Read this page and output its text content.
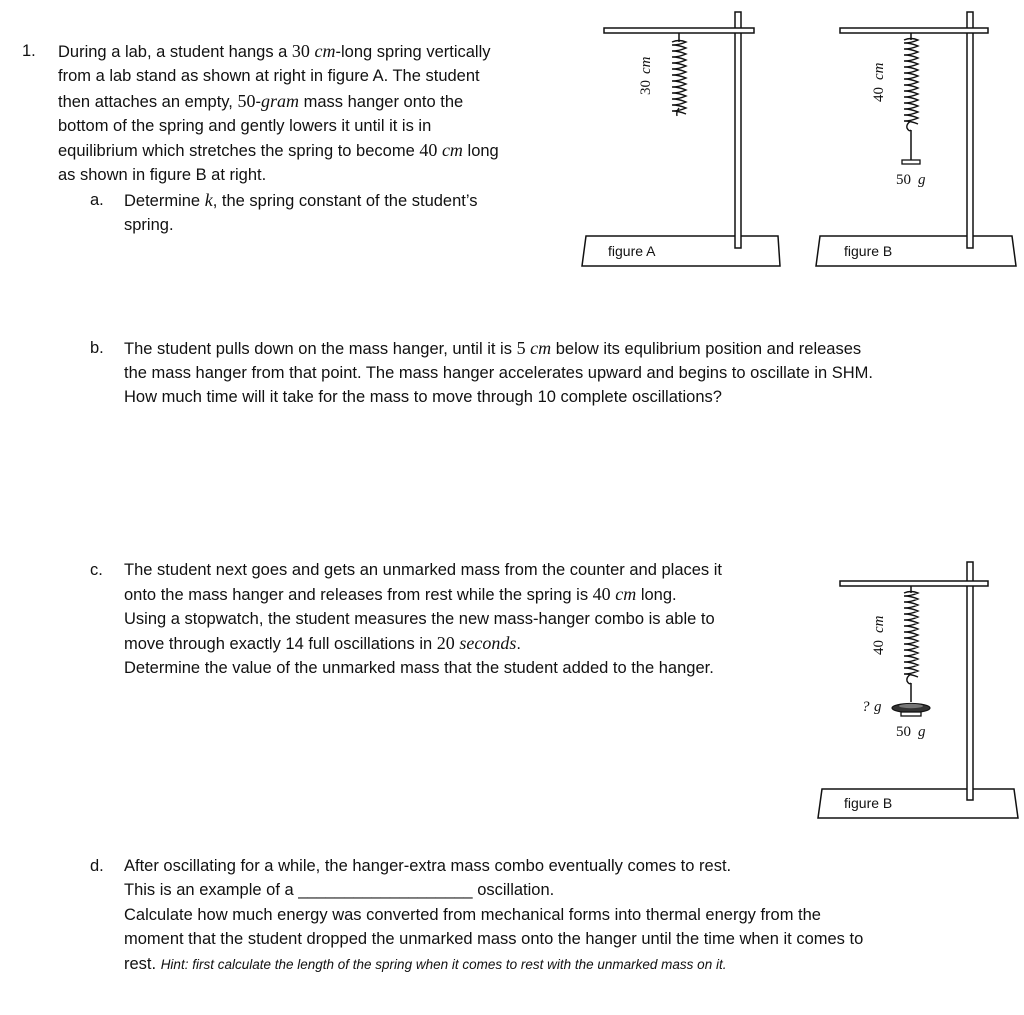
1. During a lab, a student hangs a 30 cm-long spring vertically
from a lab stand as shown at right in figure A. The student
then attaches an empty, 50-gram mass hanger onto the
bottom of the spring and gently lowers it until it is in
equilibrium which stretches the spring to become 40 cm long
as shown in figure B at right.
a. Determine k, the spring constant of the student’s
spring.
b. The student pulls down on the mass hanger, until it is 5 cm below its equlibrium position and releases
the mass hanger from that point. The mass hanger accelerates upward and begins to oscillate in SHM.
How much time will it take for the mass to move through 10 complete oscillations?
c. The student next goes and gets an unmarked mass from the counter and places it
onto the mass hanger and releases from rest while the spring is 40 cm long.
Using a stopwatch, the student measures the new mass-hanger combo is able to
move through exactly 14 full oscillations in 20 seconds.
Determine the value of the unmarked mass that the student added to the hanger.
d. After oscillating for a while, the hanger-extra mass combo eventually comes to rest.
This is an example of a ___________________ oscillation.
Calculate how much energy was converted from mechanical forms into thermal energy from the
moment that the student dropped the unmarked mass onto the hanger until the time when it comes to
rest. Hint: first calculate the length of the spring when it comes to rest with the unmarked mass on it.
30
cm
figure A
40
cm
50 g
figure B
40
cm
? g
50 g
figure B
